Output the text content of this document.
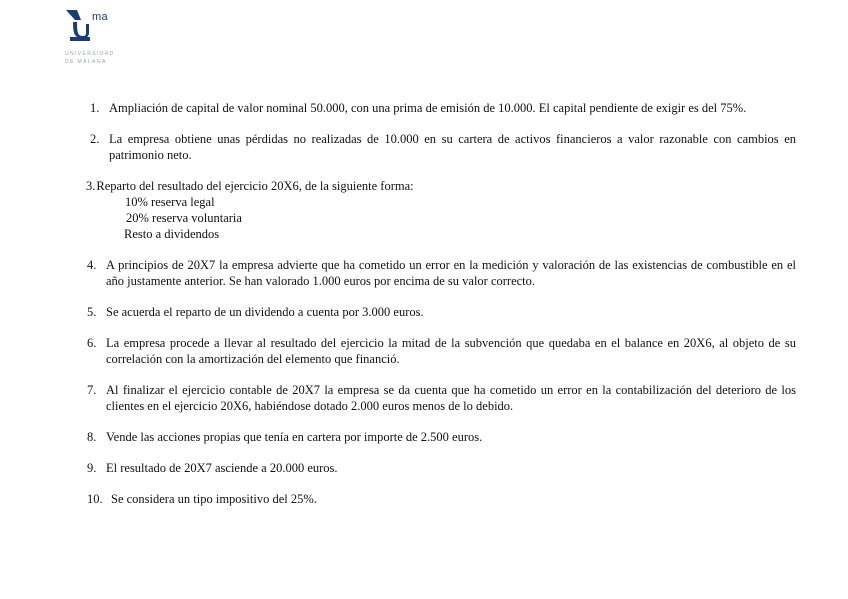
ma
UNIVERSIDAD
DE MÁLAGA
1. Ampliación de capital de valor nominal 50.000, con una prima de emisión de 10.000. El capital pendiente de exigir es del 75%.
2. La empresa obtiene unas pérdidas no realizadas de 10.000 en su cartera de activos financieros a valor razonable con cambios en patrimonio neto.
3.Reparto del resultado del ejercicio 20X6, de la siguiente forma:
10% reserva legal
20% reserva voluntaria
Resto a dividendos
4. A principios de 20X7 la empresa advierte que ha cometido un error en la medición y valoración de las existencias de combustible en el año justamente anterior. Se han valorado 1.000 euros por encima de su valor correcto.
5. Se acuerda el reparto de un dividendo a cuenta por 3.000 euros.
6. La empresa procede a llevar al resultado del ejercicio la mitad de la subvención que quedaba en el balance en 20X6, al objeto de su correlación con la amortización del elemento que financió.
7. Al finalizar el ejercicio contable de 20X7 la empresa se da cuenta que ha cometido un error en la contabilización del deterioro de los clientes en el ejercicio 20X6, habiéndose dotado 2.000 euros menos de lo debido.
8. Vende las acciones propias que tenía en cartera por importe de 2.500 euros.
9. El resultado de 20X7 asciende a 20.000 euros.
10. Se considera un tipo impositivo del 25%.
